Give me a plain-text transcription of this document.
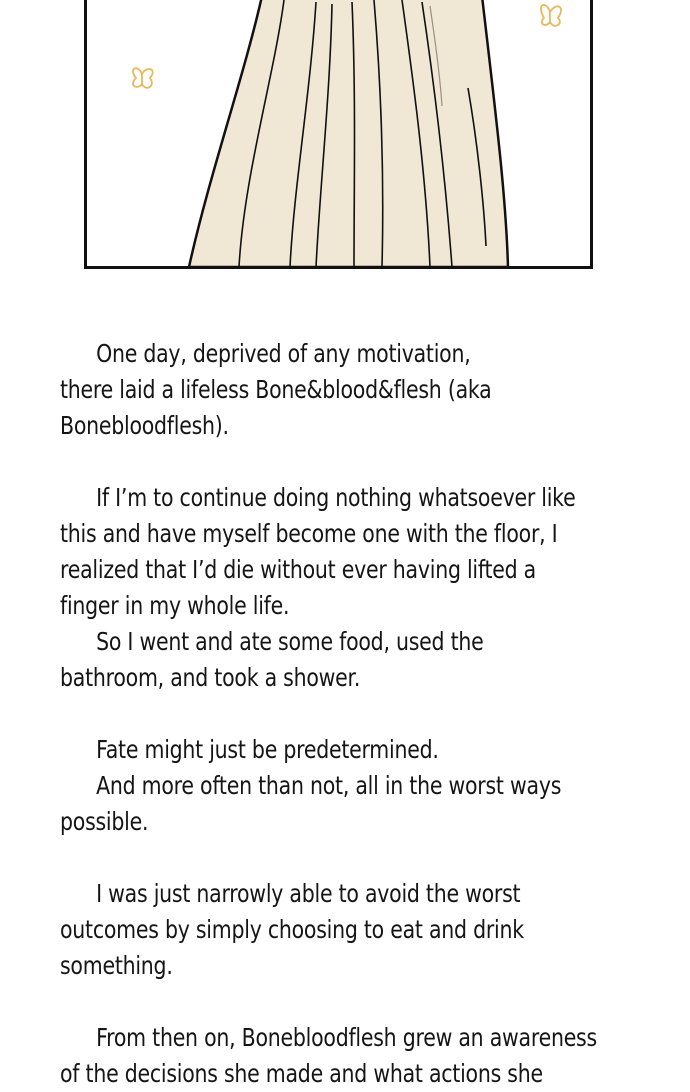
One day, deprived of any motivation,
there laid a lifeless Bone&blood&flesh (aka
Bonebloodflesh).
If I’m to continue doing nothing whatsoever like
this and have myself become one with the floor, I
realized that I’d die without ever having lifted a
finger in my whole life.
So I went and ate some food, used the
bathroom, and took a shower.
Fate might just be predetermined.
And more often than not, all in the worst ways
possible.
I was just narrowly able to avoid the worst
outcomes by simply choosing to eat and drink
something.
From then on, Bonebloodflesh grew an awareness
of the decisions she made and what actions she
